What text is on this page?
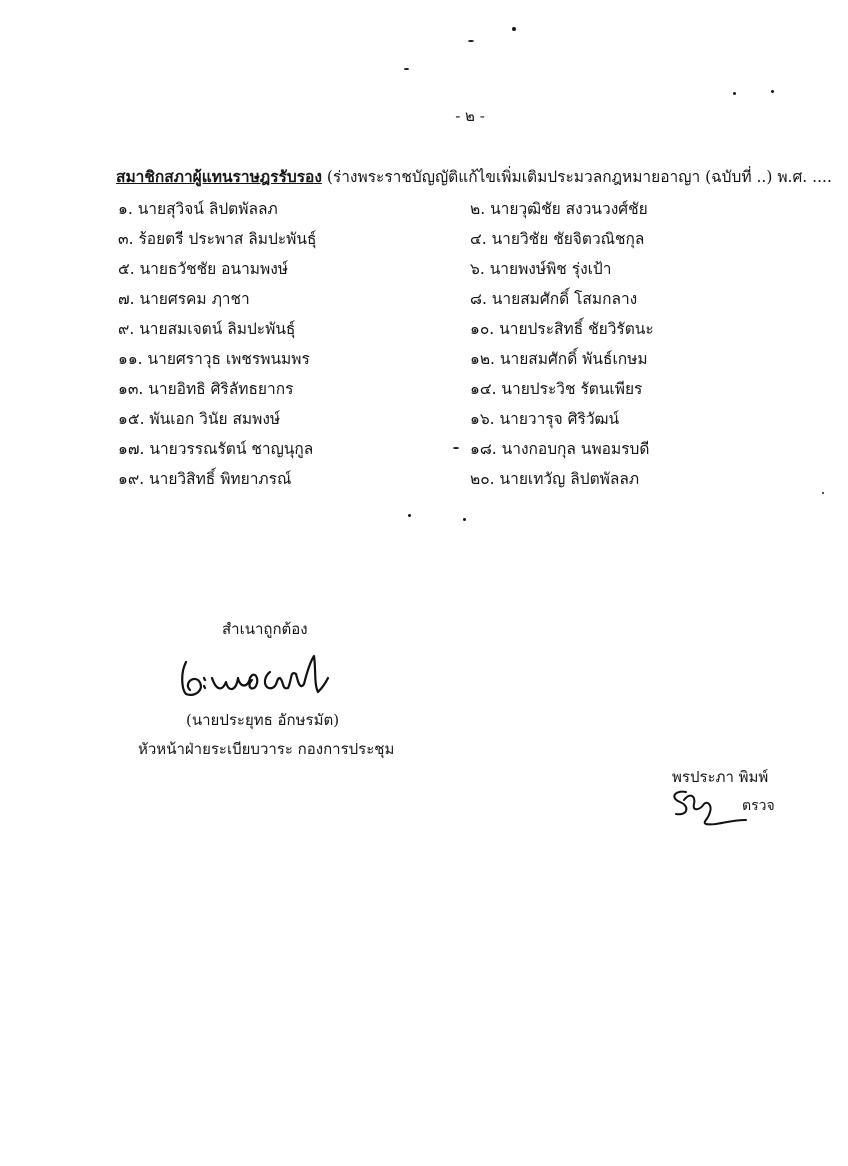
- ๒ -
สมาชิกสภาผู้แทนราษฎรรับรอง (ร่างพระราชบัญญัติแก้ไขเพิ่มเติมประมวลกฎหมายอาญา (ฉบับที่ ..) พ.ศ. ....
๑. นายสุวิจน์ ลิปตพัลลภ	๒. นายวุฒิชัย สงวนวงศ์ชัย
๓. ร้อยตรี ประพาส ลิมปะพันธุ์	๔. นายวิชัย ชัยจิตวณิชกุล
๕. นายธวัชชัย อนามพงษ์	๖. นายพงษ์พิช รุ่งเป้า
๗. นายศรคม ฦาชา	๘. นายสมศักดิ์ โสมกลาง
๙. นายสมเจตน์ ลิมปะพันธุ์	๑๐. นายประสิทธิ์ ชัยวิรัตนะ
๑๑. นายศราวุธ เพชรพนมพร	๑๒. นายสมศักดิ์ พันธ์เกษม
๑๓. นายอิทธิ ศิริลัทธยากร	๑๔. นายประวิช รัตนเพียร
๑๕. พันเอก วินัย สมพงษ์	๑๖. นายวารุจ ศิริวัฒน์
๑๗. นายวรรณรัตน์ ชาญนุกูล	๑๘. นางกอบกุล นพอมรบดี
๑๙. นายวิสิทธิ์ พิทยาภรณ์	๒๐. นายเทวัญ ลิปตพัลลภ
สำเนาถูกต้อง
(นายประยุทธ อักษรมัต)
หัวหน้าฝ่ายระเบียบวาระ กองการประชุม
พรประภา พิมพ์
ตรวจ
